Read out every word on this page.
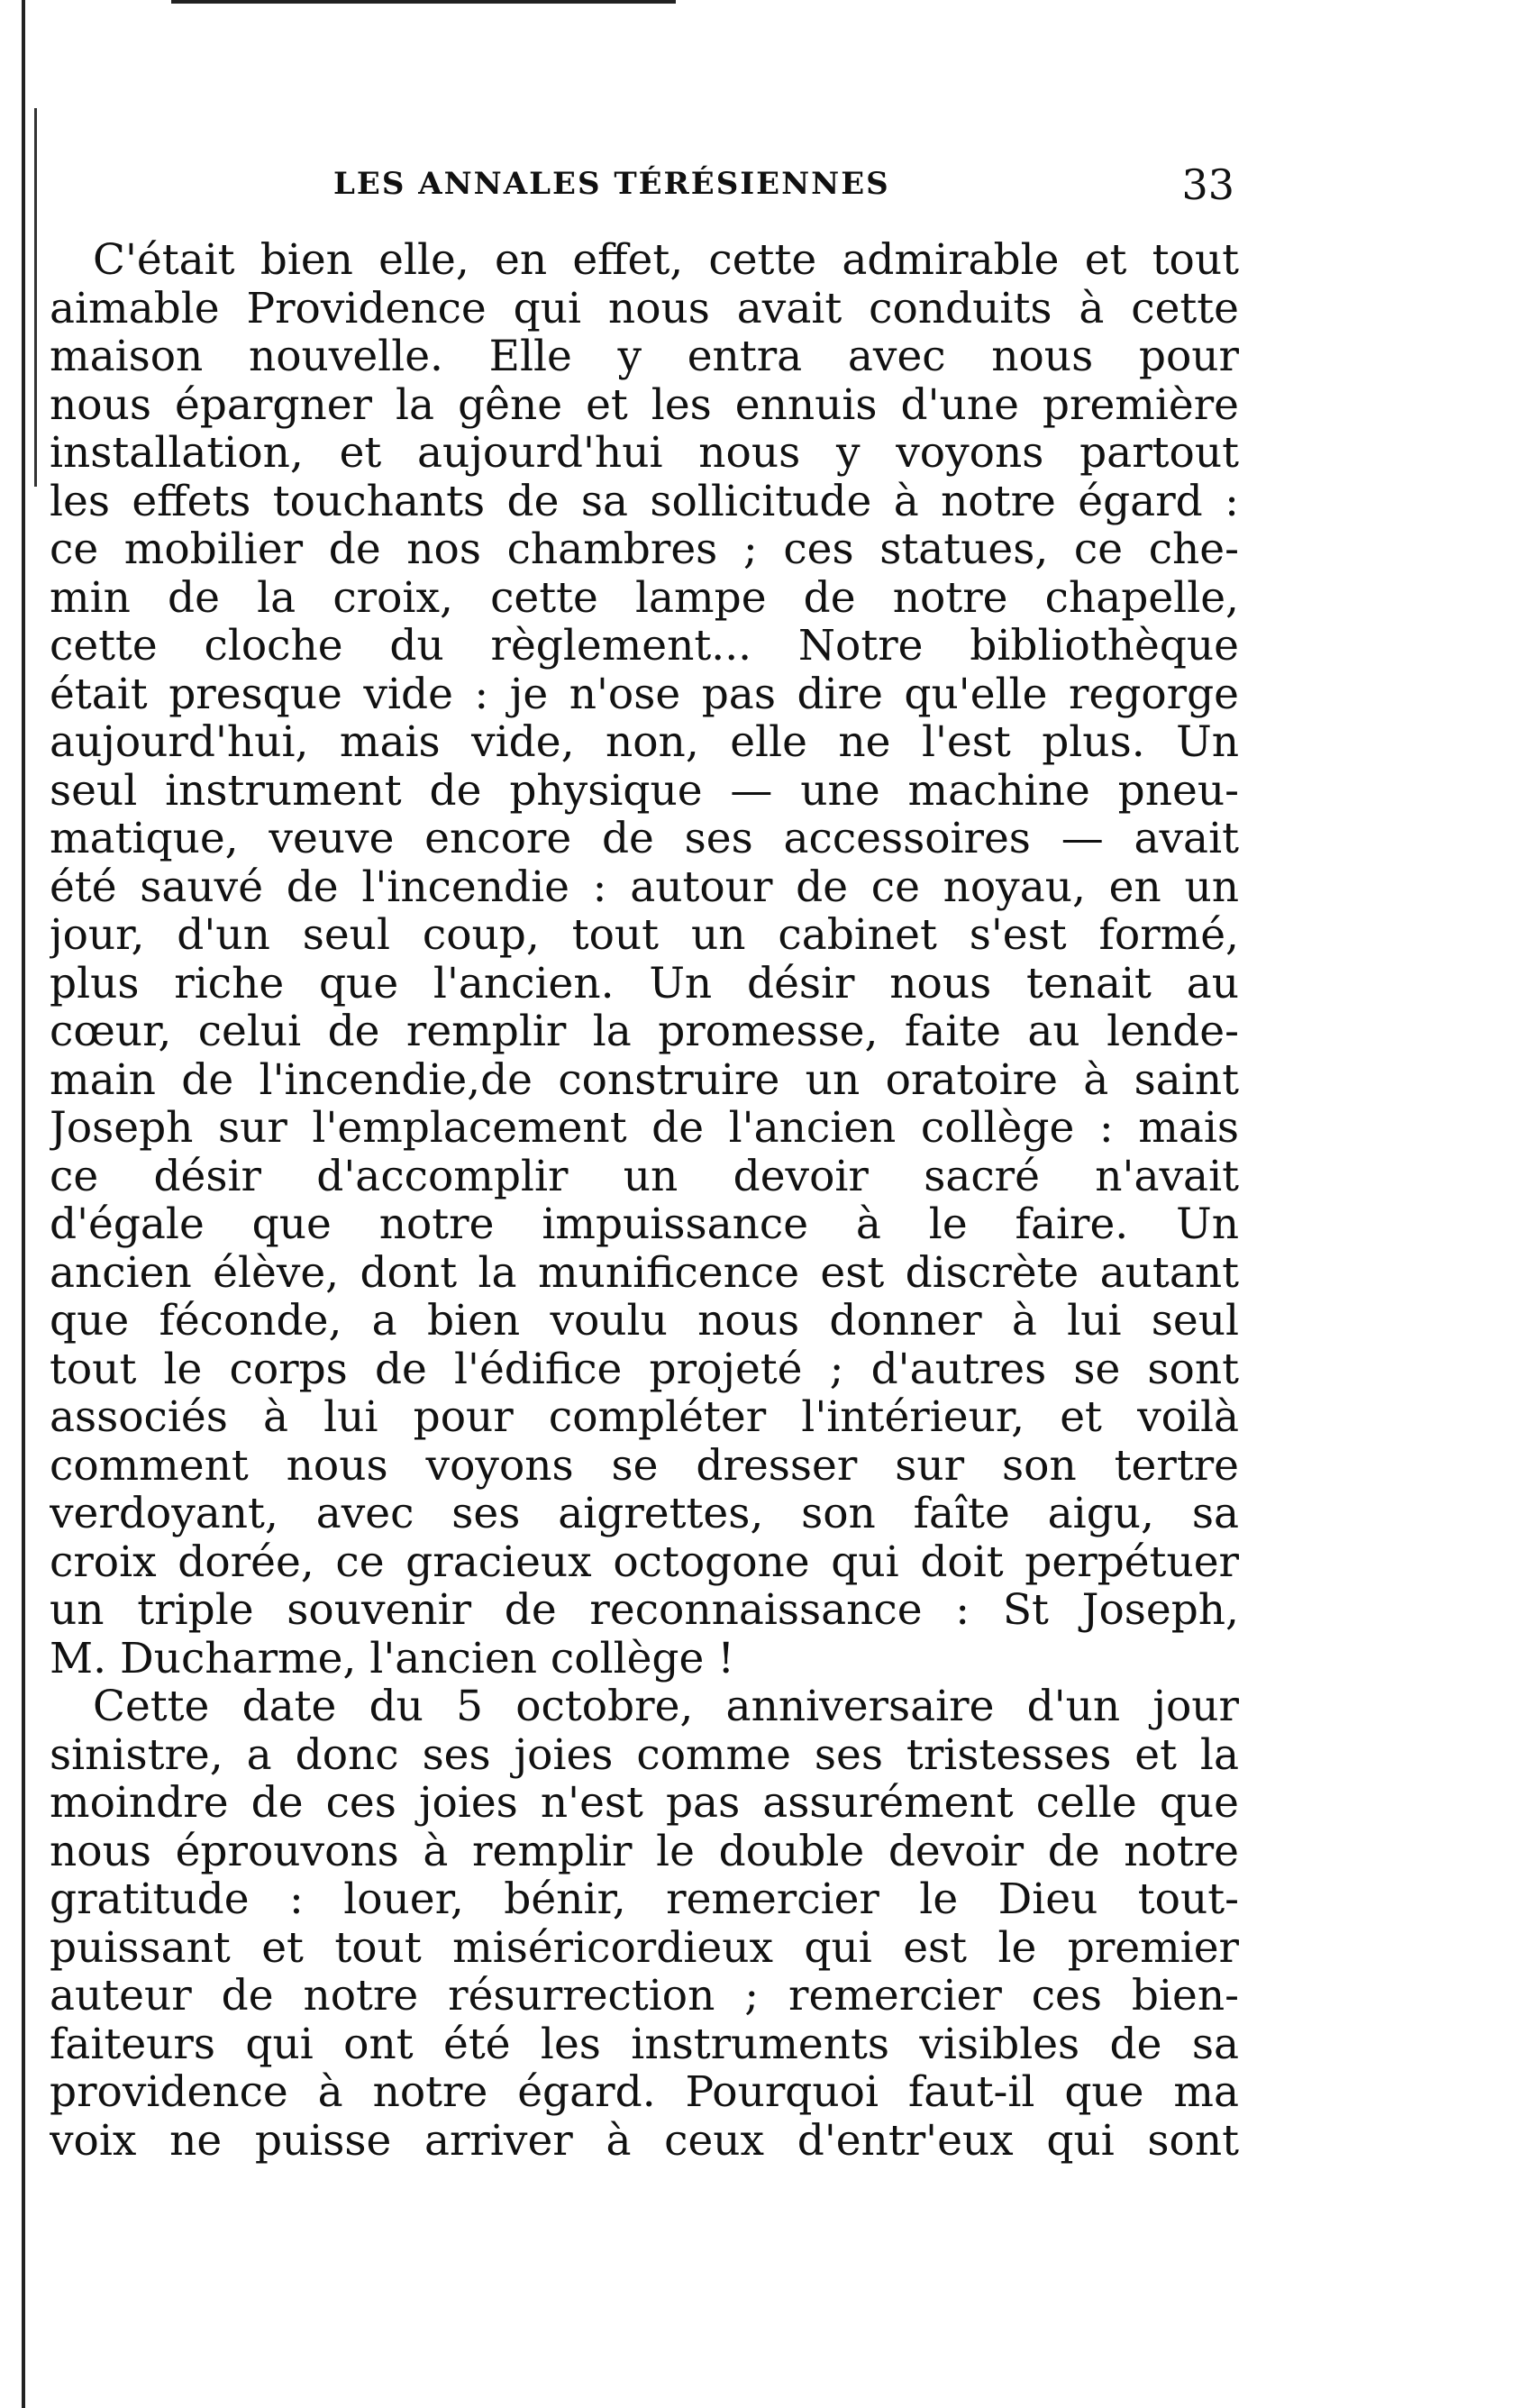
LES ANNALES TÉRÉSIENNES	33
C'était bien elle, en effet, cette admirable et tout
aimable Providence qui nous avait conduits à cette
maison nouvelle. Elle y entra avec nous pour
nous épargner la gêne et les ennuis d'une première
installation, et aujourd'hui nous y voyons partout
les effets touchants de sa sollicitude à notre égard :
ce mobilier de nos chambres ; ces statues, ce che-
min de la croix, cette lampe de notre chapelle,
cette cloche du règlement... Notre bibliothèque
était presque vide : je n'ose pas dire qu'elle regorge
aujourd'hui, mais vide, non, elle ne l'est plus. Un
seul instrument de physique — une machine pneu-
matique, veuve encore de ses accessoires — avait
été sauvé de l'incendie : autour de ce noyau, en un
jour, d'un seul coup, tout un cabinet s'est formé,
plus riche que l'ancien. Un désir nous tenait au
cœur, celui de remplir la promesse, faite au lende-
main de l'incendie,de construire un oratoire à saint
Joseph sur l'emplacement de l'ancien collège : mais
ce désir d'accomplir un devoir sacré n'avait
d'égale que notre impuissance à le faire. Un
ancien élève, dont la munificence est discrète autant
que féconde, a bien voulu nous donner à lui seul
tout le corps de l'édifice projeté ; d'autres se sont
associés à lui pour compléter l'intérieur, et voilà
comment nous voyons se dresser sur son tertre
verdoyant, avec ses aigrettes, son faîte aigu, sa
croix dorée, ce gracieux octogone qui doit perpétuer
un triple souvenir de reconnaissance : St Joseph,
M. Ducharme, l'ancien collège !
Cette date du 5 octobre, anniversaire d'un jour
sinistre, a donc ses joies comme ses tristesses et la
moindre de ces joies n'est pas assurément celle que
nous éprouvons à remplir le double devoir de notre
gratitude : louer, bénir, remercier le Dieu tout-
puissant et tout miséricordieux qui est le premier
auteur de notre résurrection ; remercier ces bien-
faiteurs qui ont été les instruments visibles de sa
providence à notre égard. Pourquoi faut-il que ma
voix ne puisse arriver à ceux d'entr'eux qui sont
